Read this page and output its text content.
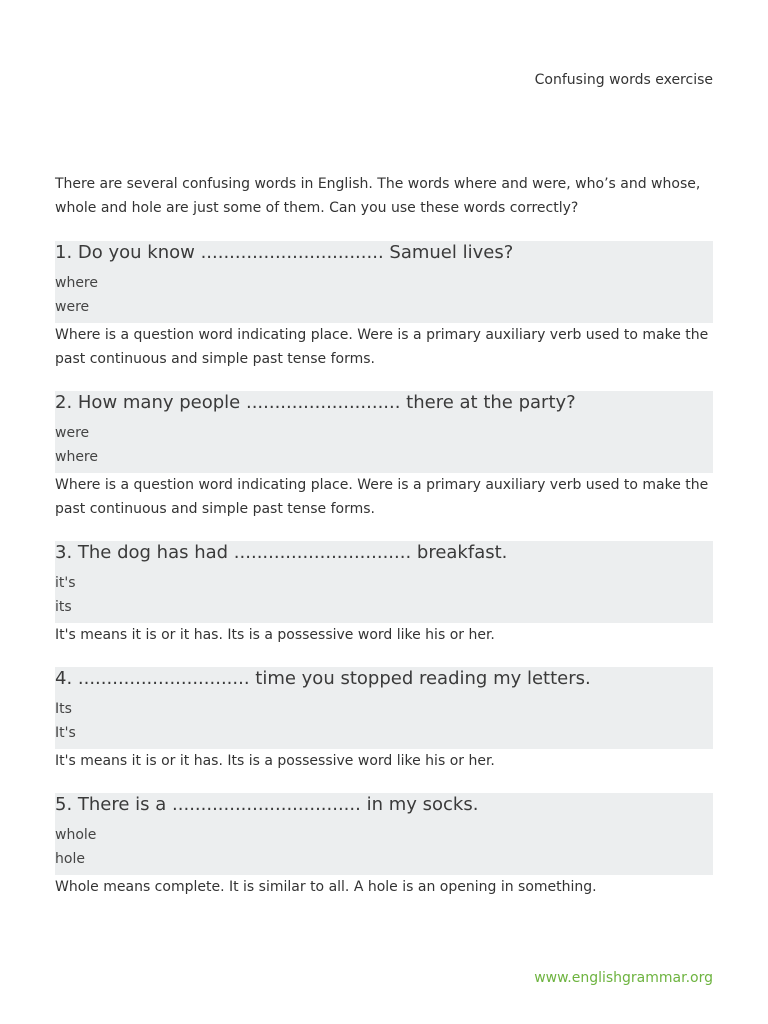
Confusing words exercise

There are several confusing words in English. The words where and were, who’s and whose, whole and hole are just some of them. Can you use these words correctly?

1. Do you know ................................ Samuel lives?
where
were
Where is a question word indicating place. Were is a primary auxiliary verb used to make the past continuous and simple past tense forms.
2. How many people ........................... there at the party?
were
where
Where is a question word indicating place. Were is a primary auxiliary verb used to make the past continuous and simple past tense forms.
3. The dog has had ............................... breakfast.
it's
its
It's means it is or it has. Its is a possessive word like his or her.
4. .............................. time you stopped reading my letters.
Its
It's
It's means it is or it has. Its is a possessive word like his or her.
5. There is a ................................. in my socks.
whole
hole
Whole means complete. It is similar to all. A hole is an opening in something.
www.englishgrammar.org
